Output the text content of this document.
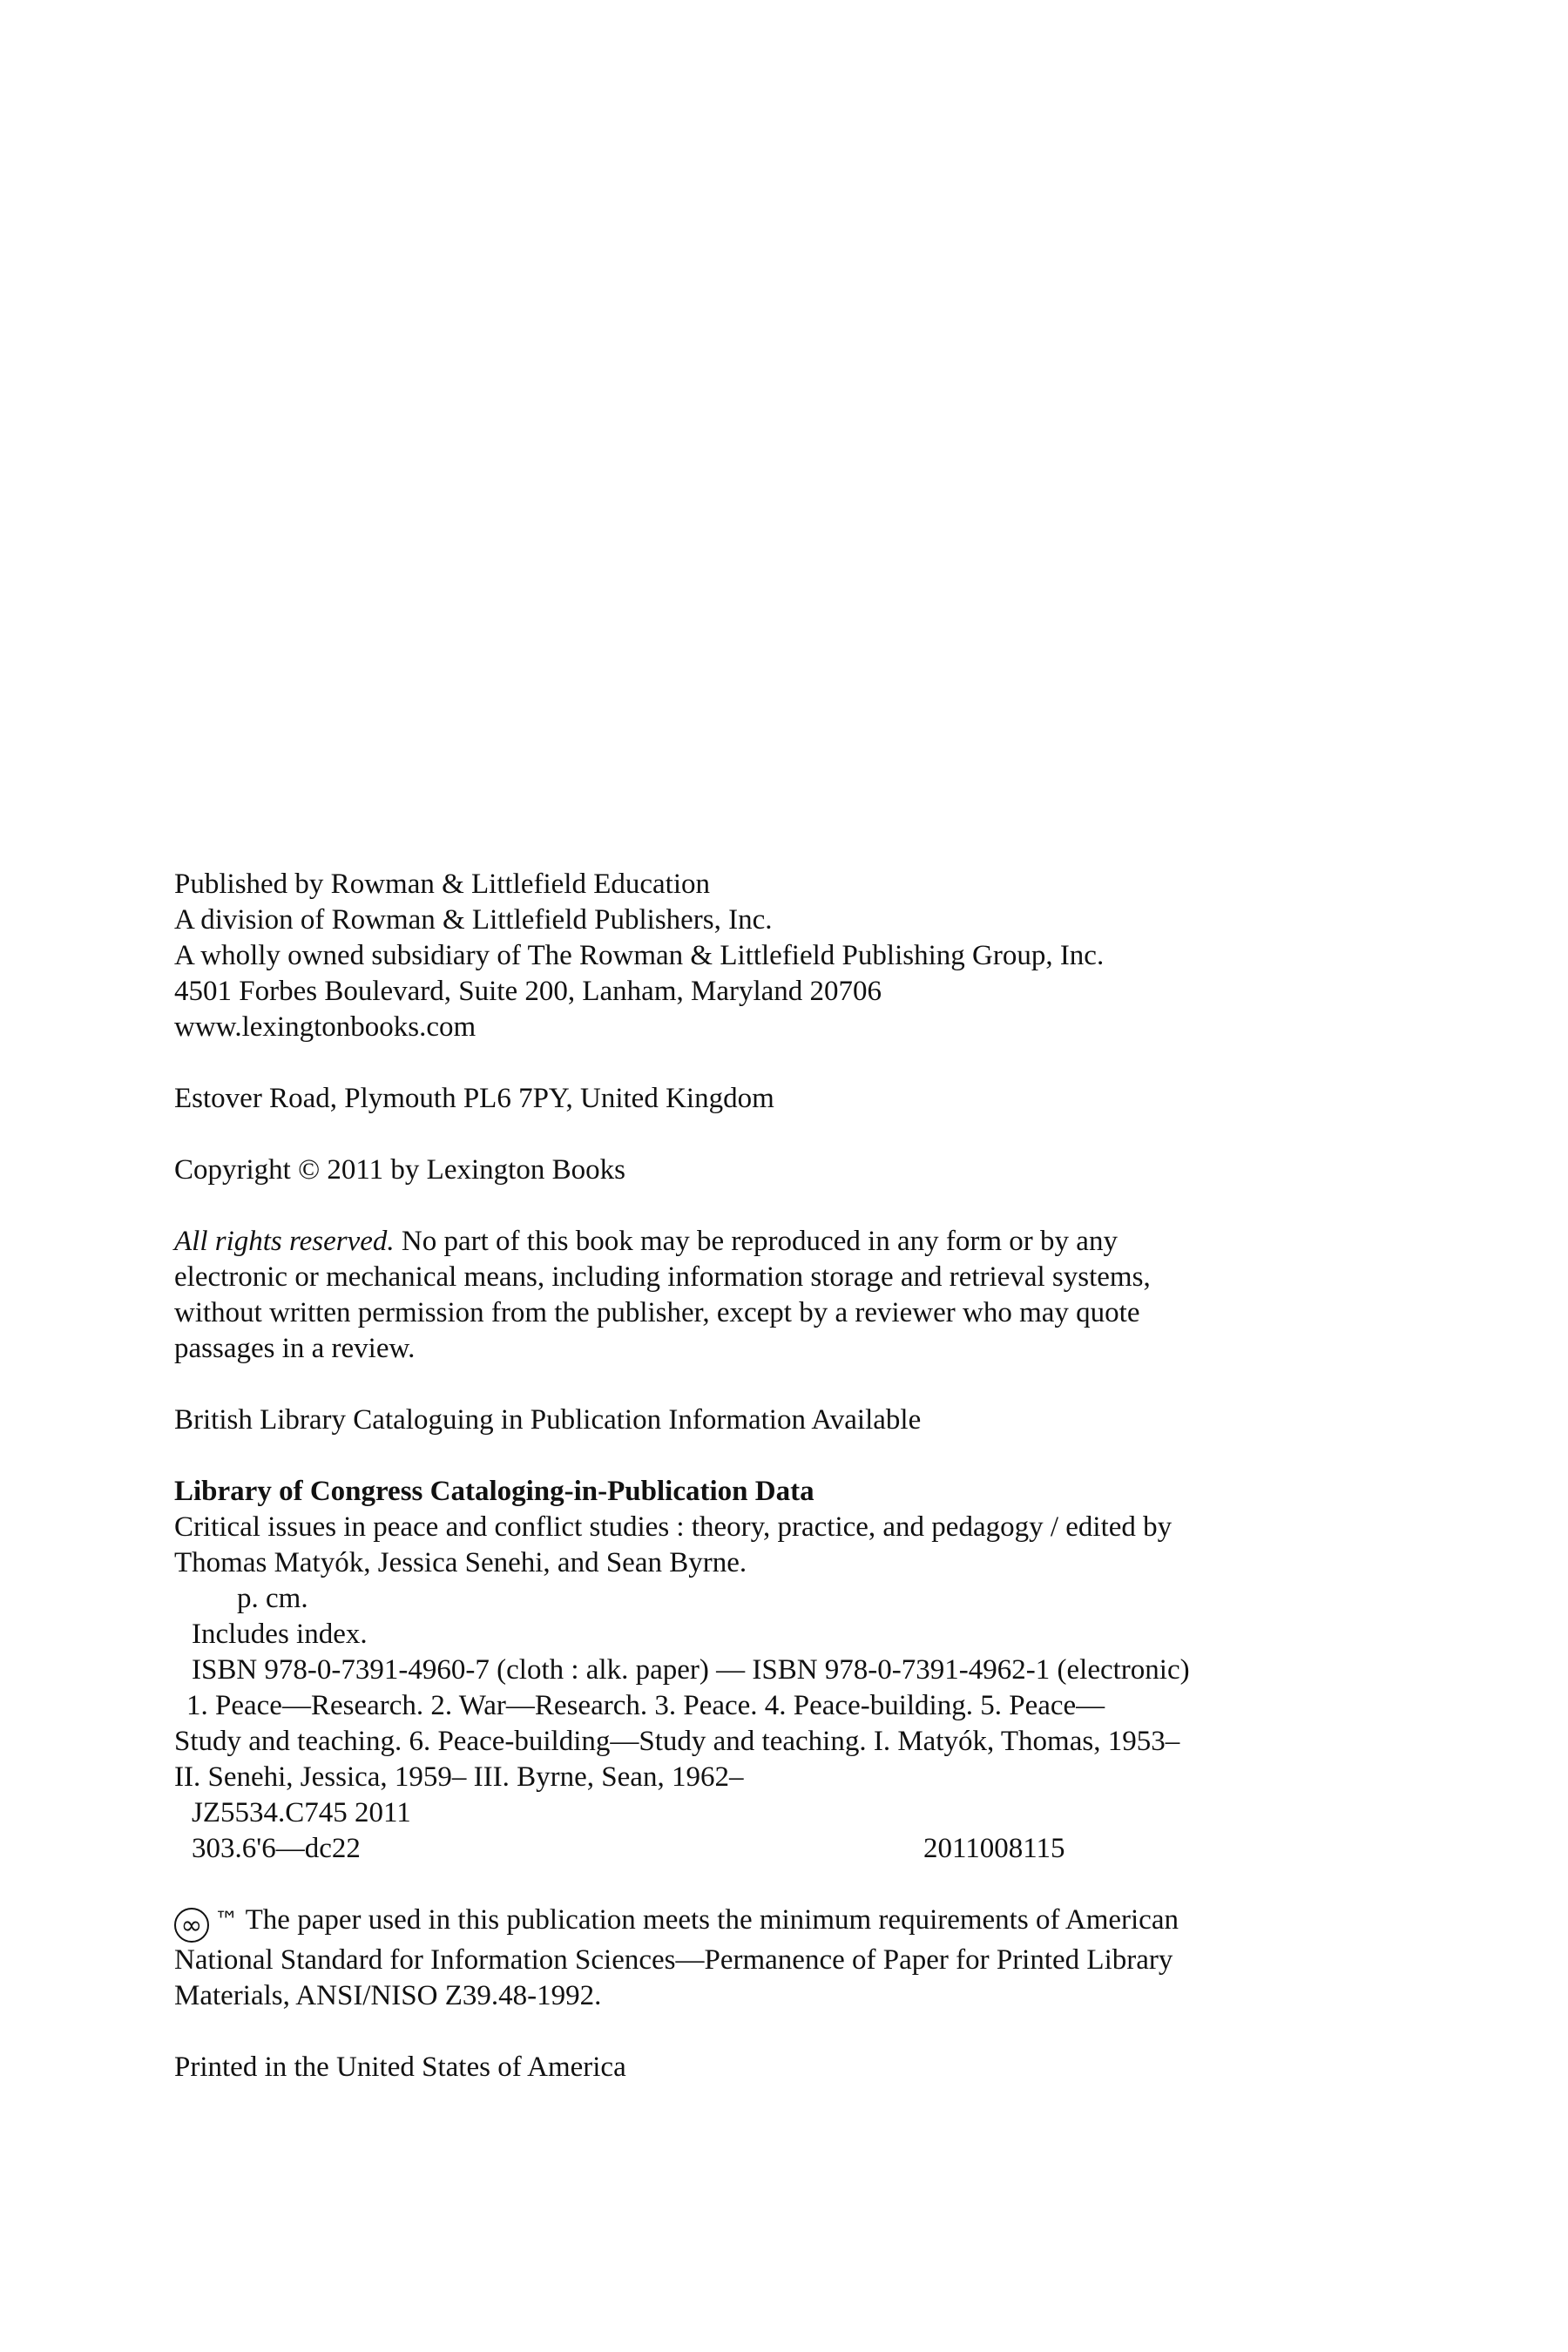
Published by Rowman & Littlefield Education
A division of Rowman & Littlefield Publishers, Inc.
A wholly owned subsidiary of The Rowman & Littlefield Publishing Group, Inc.
4501 Forbes Boulevard, Suite 200, Lanham, Maryland 20706
www.lexingtonbooks.com
Estover Road, Plymouth PL6 7PY, United Kingdom
Copyright © 2011 by Lexington Books
All rights reserved. No part of this book may be reproduced in any form or by any
electronic or mechanical means, including information storage and retrieval systems,
without written permission from the publisher, except by a reviewer who may quote
passages in a review.
British Library Cataloguing in Publication Information Available
Library of Congress Cataloging-in-Publication Data
Critical issues in peace and conflict studies : theory, practice, and pedagogy / edited by
Thomas Matyók, Jessica Senehi, and Sean Byrne.
p. cm.
Includes index.
ISBN 978-0-7391-4960-7 (cloth : alk. paper) — ISBN 978-0-7391-4962-1 (electronic)
1. Peace—Research. 2. War—Research. 3. Peace. 4. Peace-building. 5. Peace—
Study and teaching. 6. Peace-building—Study and teaching. I. Matyók, Thomas, 1953–
II. Senehi, Jessica, 1959– III. Byrne, Sean, 1962–
JZ5534.C745 2011
303.6'6—dc22	2011008115
∞ ™ The paper used in this publication meets the minimum requirements of American
National Standard for Information Sciences—Permanence of Paper for Printed Library
Materials, ANSI/NISO Z39.48-1992.
Printed in the United States of America
